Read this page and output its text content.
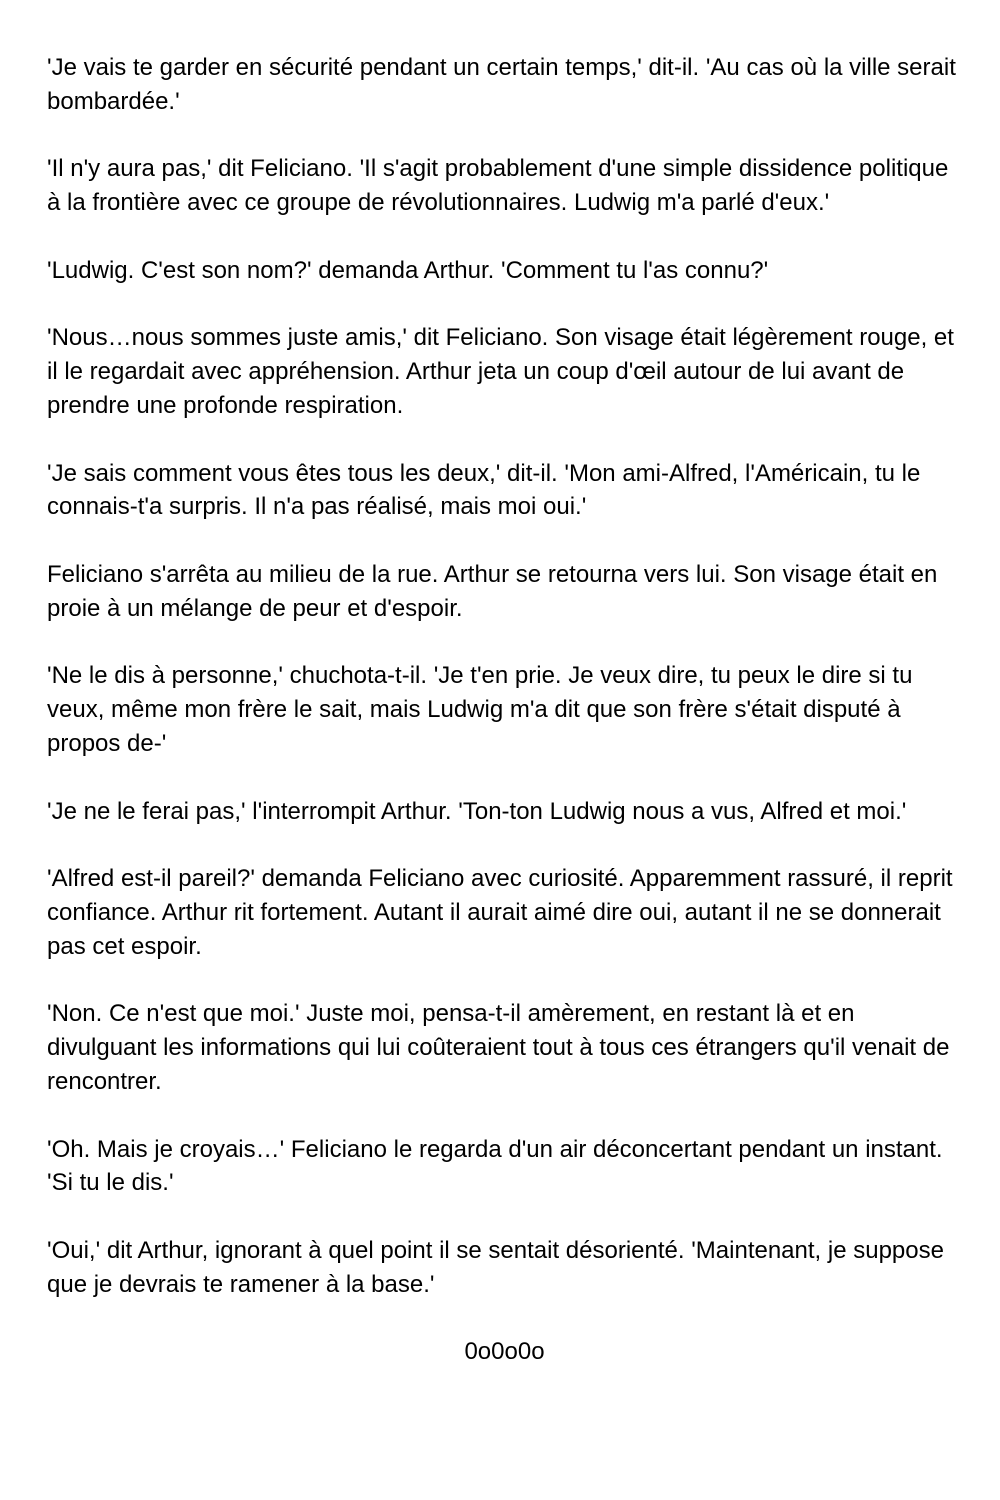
'Je vais te garder en sécurité pendant un certain temps,' dit-il. 'Au cas où la ville serait bombardée.'

'Il n'y aura pas,' dit Feliciano. 'Il s'agit probablement d'une simple dissidence politique à la frontière avec ce groupe de révolutionnaires. Ludwig m'a parlé d'eux.'

'Ludwig. C'est son nom?' demanda Arthur. 'Comment tu l'as connu?'

'Nous…nous sommes juste amis,' dit Feliciano. Son visage était légèrement rouge, et il le regardait avec appréhension. Arthur jeta un coup d'œil autour de lui avant de prendre une profonde respiration.

'Je sais comment vous êtes tous les deux,' dit-il. 'Mon ami-Alfred, l'Américain, tu le connais-t'a surpris. Il n'a pas réalisé, mais moi oui.'

Feliciano s'arrêta au milieu de la rue. Arthur se retourna vers lui. Son visage était en proie à un mélange de peur et d'espoir.

'Ne le dis à personne,' chuchota-t-il. 'Je t'en prie. Je veux dire, tu peux le dire si tu veux, même mon frère le sait, mais Ludwig m'a dit que son frère s'était disputé à propos de-'

'Je ne le ferai pas,' l'interrompit Arthur. 'Ton-ton Ludwig nous a vus, Alfred et moi.'

'Alfred est-il pareil?' demanda Feliciano avec curiosité. Apparemment rassuré, il reprit confiance. Arthur rit fortement. Autant il aurait aimé dire oui, autant il ne se donnerait pas cet espoir.

'Non. Ce n'est que moi.' Juste moi, pensa-t-il amèrement, en restant là et en divulguant les informations qui lui coûteraient tout à tous ces étrangers qu'il venait de rencontrer.

'Oh. Mais je croyais…' Feliciano le regarda d'un air déconcertant pendant un instant. 'Si tu le dis.'

'Oui,' dit Arthur, ignorant à quel point il se sentait désorienté. 'Maintenant, je suppose que je devrais te ramener à la base.'

0o0o0o
